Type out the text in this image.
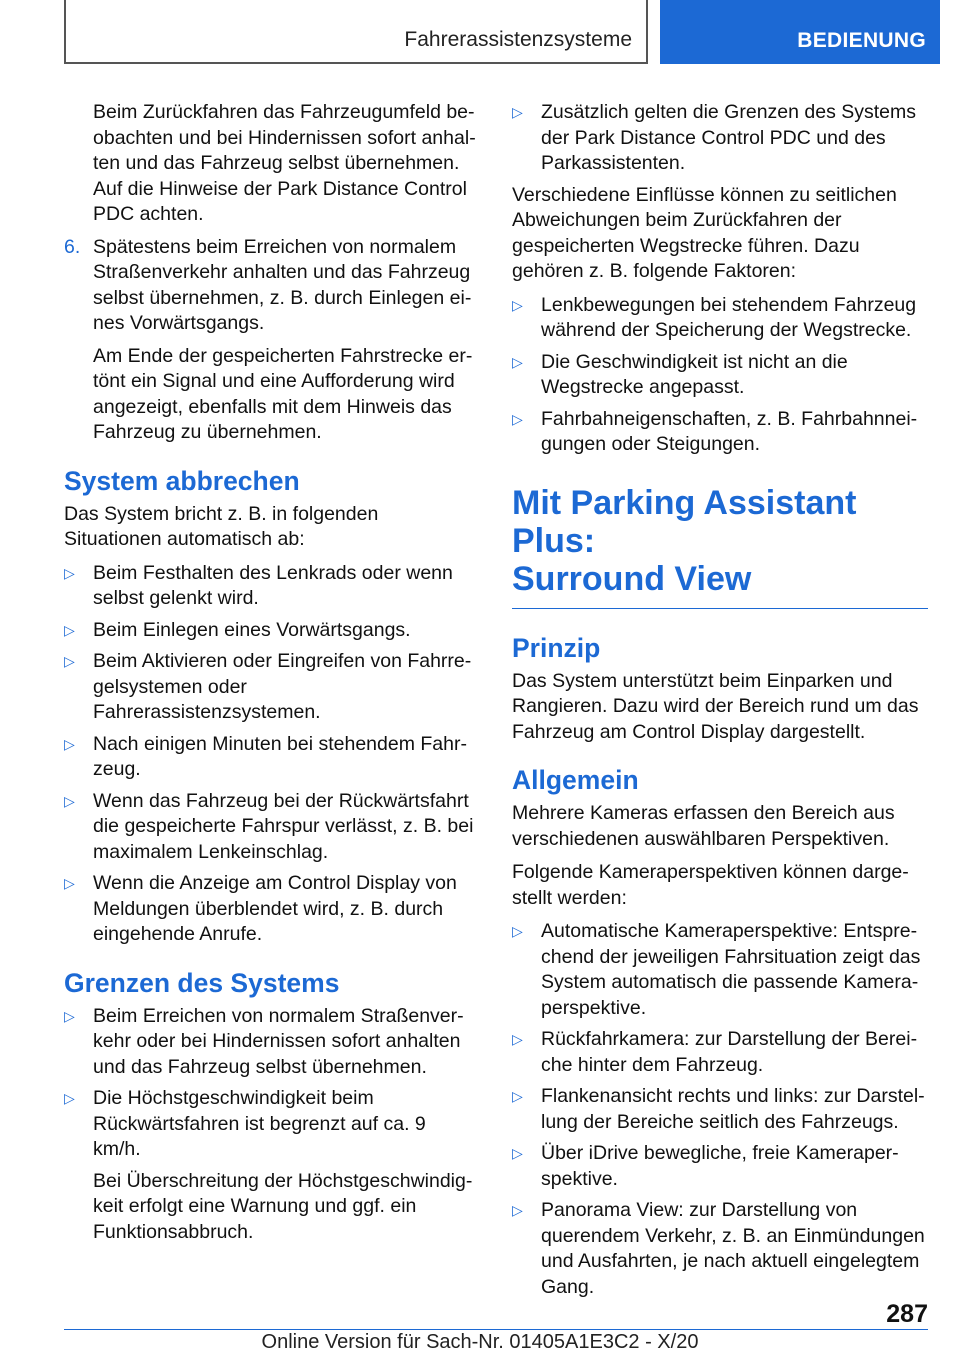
Fahrerassistenzsysteme	BEDIENUNG

Beim Zurückfahren das Fahrzeugumfeld beobachten und bei Hindernissen sofort anhalten und das Fahrzeug selbst übernehmen. Auf die Hinweise der Park Distance Control PDC achten.

6. Spätestens beim Erreichen von normalem Straßenverkehr anhalten und das Fahrzeug selbst übernehmen, z. B. durch Einlegen eines Vorwärtsgangs.

Am Ende der gespeicherten Fahrstrecke ertönt ein Signal und eine Aufforderung wird angezeigt, ebenfalls mit dem Hinweis das Fahrzeug zu übernehmen.

System abbrechen

Das System bricht z. B. in folgenden Situationen automatisch ab:

▷ Beim Festhalten des Lenkrads oder wenn selbst gelenkt wird.
▷ Beim Einlegen eines Vorwärtsgangs.
▷ Beim Aktivieren oder Eingreifen von Fahrregelsystemen oder Fahrerassistenzsystemen.
▷ Nach einigen Minuten bei stehendem Fahrzeug.
▷ Wenn das Fahrzeug bei der Rückwärtsfahrt die gespeicherte Fahrspur verlässt, z. B. bei maximalem Lenkeinschlag.
▷ Wenn die Anzeige am Control Display von Meldungen überblendet wird, z. B. durch eingehende Anrufe.
Grenzen des Systems
▷ Beim Erreichen von normalem Straßenverkehr oder bei Hindernissen sofort anhalten und das Fahrzeug selbst übernehmen.
▷ Die Höchstgeschwindigkeit beim Rückwärtsfahren ist begrenzt auf ca. 9 km/h.

Bei Überschreitung der Höchstgeschwindigkeit erfolgt eine Warnung und ggf. ein Funktionsabbruch.

▷ Zusätzlich gelten die Grenzen des Systems der Park Distance Control PDC und des Parkassistenten.

Verschiedene Einflüsse können zu seitlichen Abweichungen beim Zurückfahren der gespeicherten Wegstrecke führen. Dazu gehören z. B. folgende Faktoren:

▷ Lenkbewegungen bei stehendem Fahrzeug während der Speicherung der Wegstrecke.
▷ Die Geschwindigkeit ist nicht an die Wegstrecke angepasst.
▷ Fahrbahneigenschaften, z. B. Fahrbahnneigungen oder Steigungen.
Mit Parking Assistant Plus:
Surround View
Prinzip

Das System unterstützt beim Einparken und Rangieren. Dazu wird der Bereich rund um das Fahrzeug am Control Display dargestellt.

Allgemein

Mehrere Kameras erfassen den Bereich aus verschiedenen auswählbaren Perspektiven.

Folgende Kameraperspektiven können dargestellt werden:

▷ Automatische Kameraperspektive: Entsprechend der jeweiligen Fahrsituation zeigt das System automatisch die passende Kameraperspektive.
▷ Rückfahrkamera: zur Darstellung der Bereiche hinter dem Fahrzeug.
▷ Flankenansicht rechts und links: zur Darstellung der Bereiche seitlich des Fahrzeugs.
▷ Über iDrive bewegliche, freie Kameraperspektive.
▷ Panorama View: zur Darstellung von querendem Verkehr, z. B. an Einmündungen und Ausfahrten, je nach aktuell eingelegtem Gang.
287
Online Version für Sach-Nr. 01405A1E3C2 - X/20
